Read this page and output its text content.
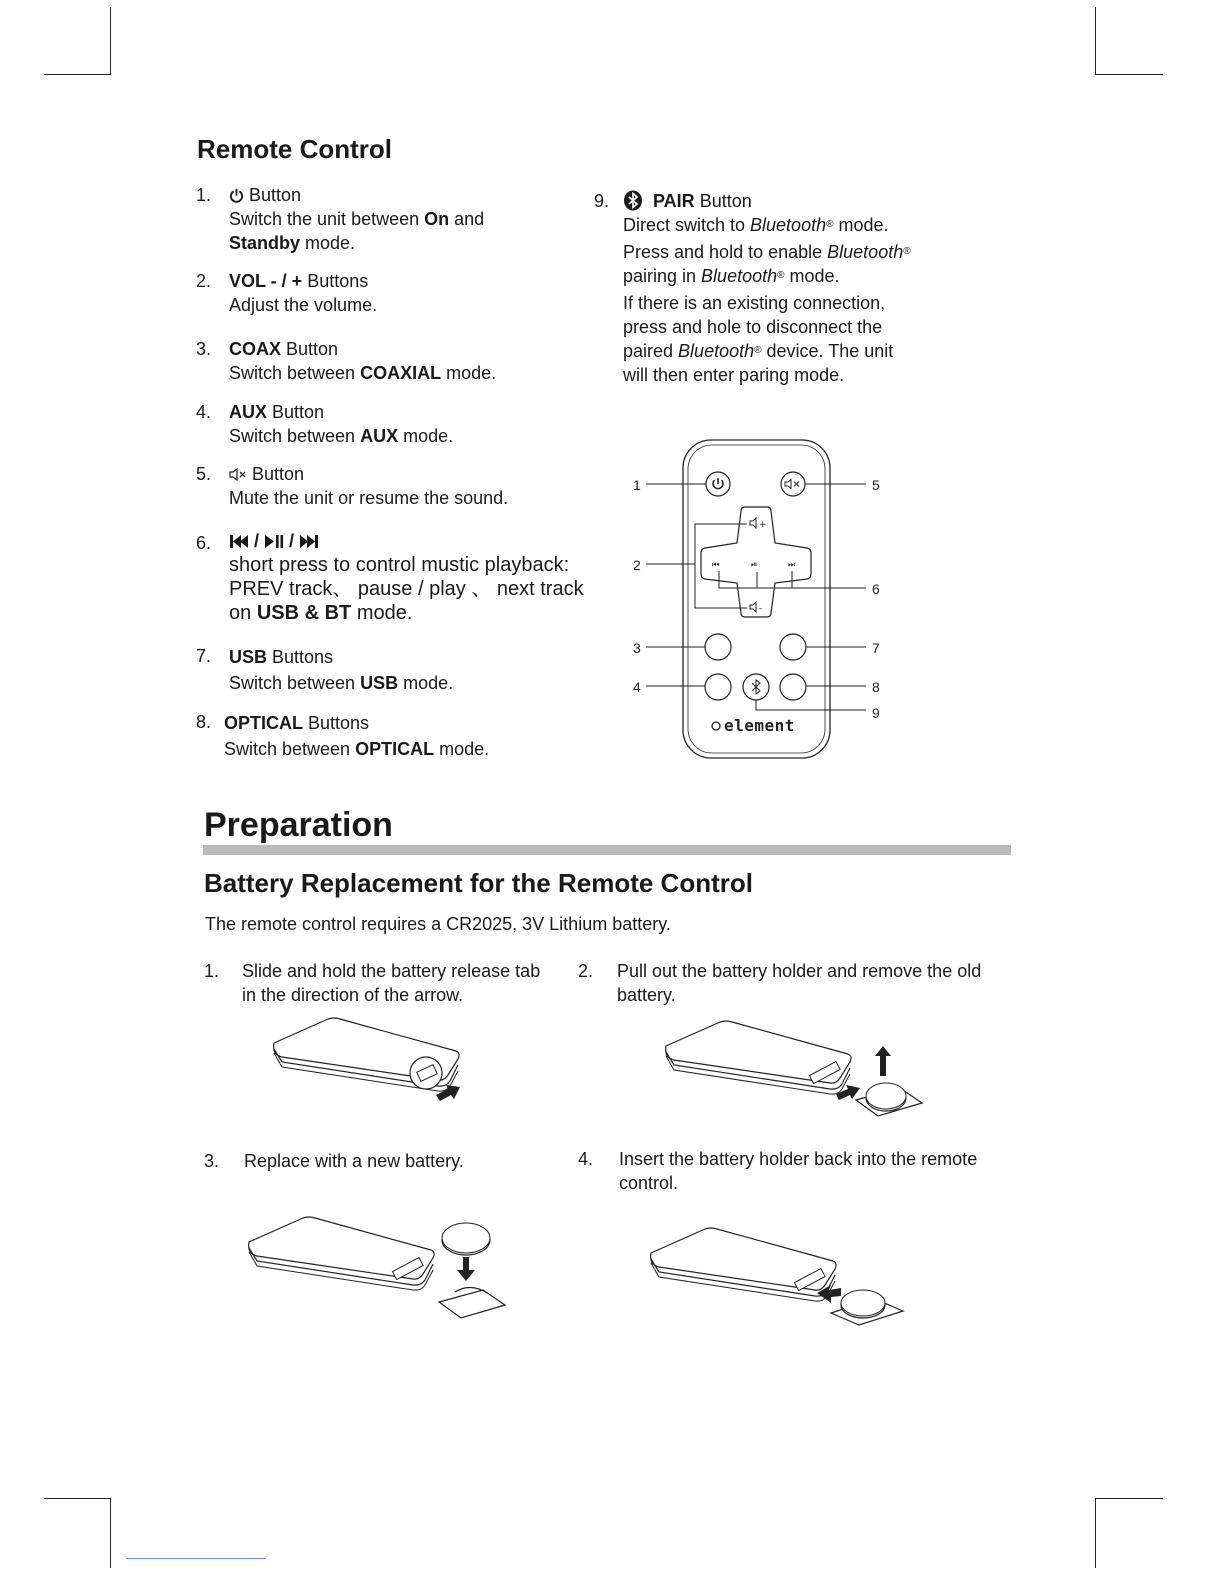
Remote Control
1.	Button
Switch the unit between On and
Standby mode.
2. VOL - / + Buttons
Adjust the volume.
3. COAX Button
Switch between COAXIAL mode.
4. AUX Button
Switch between AUX mode.
5.	Button
Mute the unit or resume the sound.
6.	/  /
short press to control mustic playback:
PREV track、 pause / play 、 next track
on USB & BT mode.
7. USB Buttons
Switch between USB mode.
8. OPTICAL Buttons
Switch between OPTICAL mode.
9.	PAIR Button
Direct switch to Bluetooth® mode.
Press and hold to enable Bluetooth®
pairing in Bluetooth® mode.
If there is an existing connection,
press and hole to disconnect the
paired Bluetooth® device. The unit
will then enter paring mode.
+
-
⏮	⏯	⏭
element
1	5
2
6
3	7
4	8
9
Preparation
Battery Replacement for the Remote Control
The remote control requires a CR2025, 3V Lithium battery.
1. Slide and hold the battery release tab
in the direction of the arrow.
2. Pull out the battery holder and remove the old
battery.
3. Replace with a new battery.	4. Insert the battery holder back into the remote
control.
